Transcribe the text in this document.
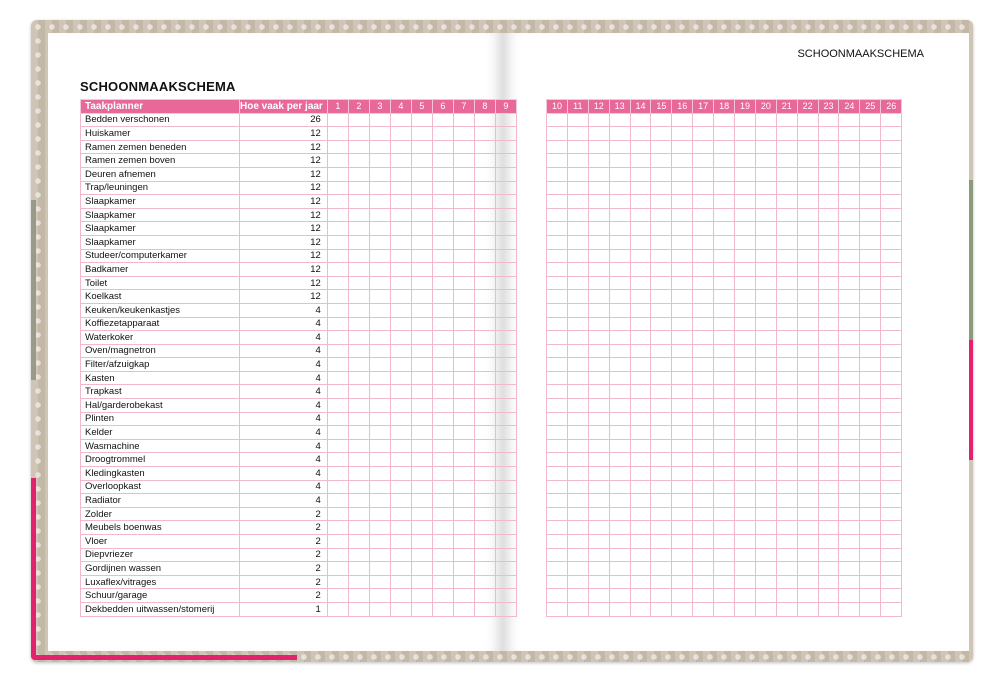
SCHOONMAAKSCHEMA
SCHOONMAAKSCHEMA
Taakplanner	Hoe vaak per jaar	1	2	3	4	5	6	7	8	9
Bedden verschonen	26									
Huiskamer	12									
Ramen zemen beneden	12									
Ramen zemen boven	12									
Deuren afnemen	12									
Trap/leuningen	12									
Slaapkamer	12									
Slaapkamer	12									
Slaapkamer	12									
Slaapkamer	12									
Studeer/computerkamer	12									
Badkamer	12									
Toilet	12									
Koelkast	12									
Keuken/keukenkastjes	4									
Koffiezetapparaat	4									
Waterkoker	4									
Oven/magnetron	4									
Filter/afzuigkap	4									
Kasten	4									
Trapkast	4									
Hal/garderobekast	4									
Plinten	4									
Kelder	4									
Wasmachine	4									
Droogtrommel	4									
Kledingkasten	4									
Overloopkast	4									
Radiator	4									
Zolder	2									
Meubels boenwas	2									
Vloer	2									
Diepvriezer	2									
Gordijnen wassen	2									
Luxaflex/vitrages	2									
Schuur/garage	2									
Dekbedden uitwassen/stomerij	1									
10	11	12	13	14	15	16	17	18	19	20	21	22	23	24	25	26
